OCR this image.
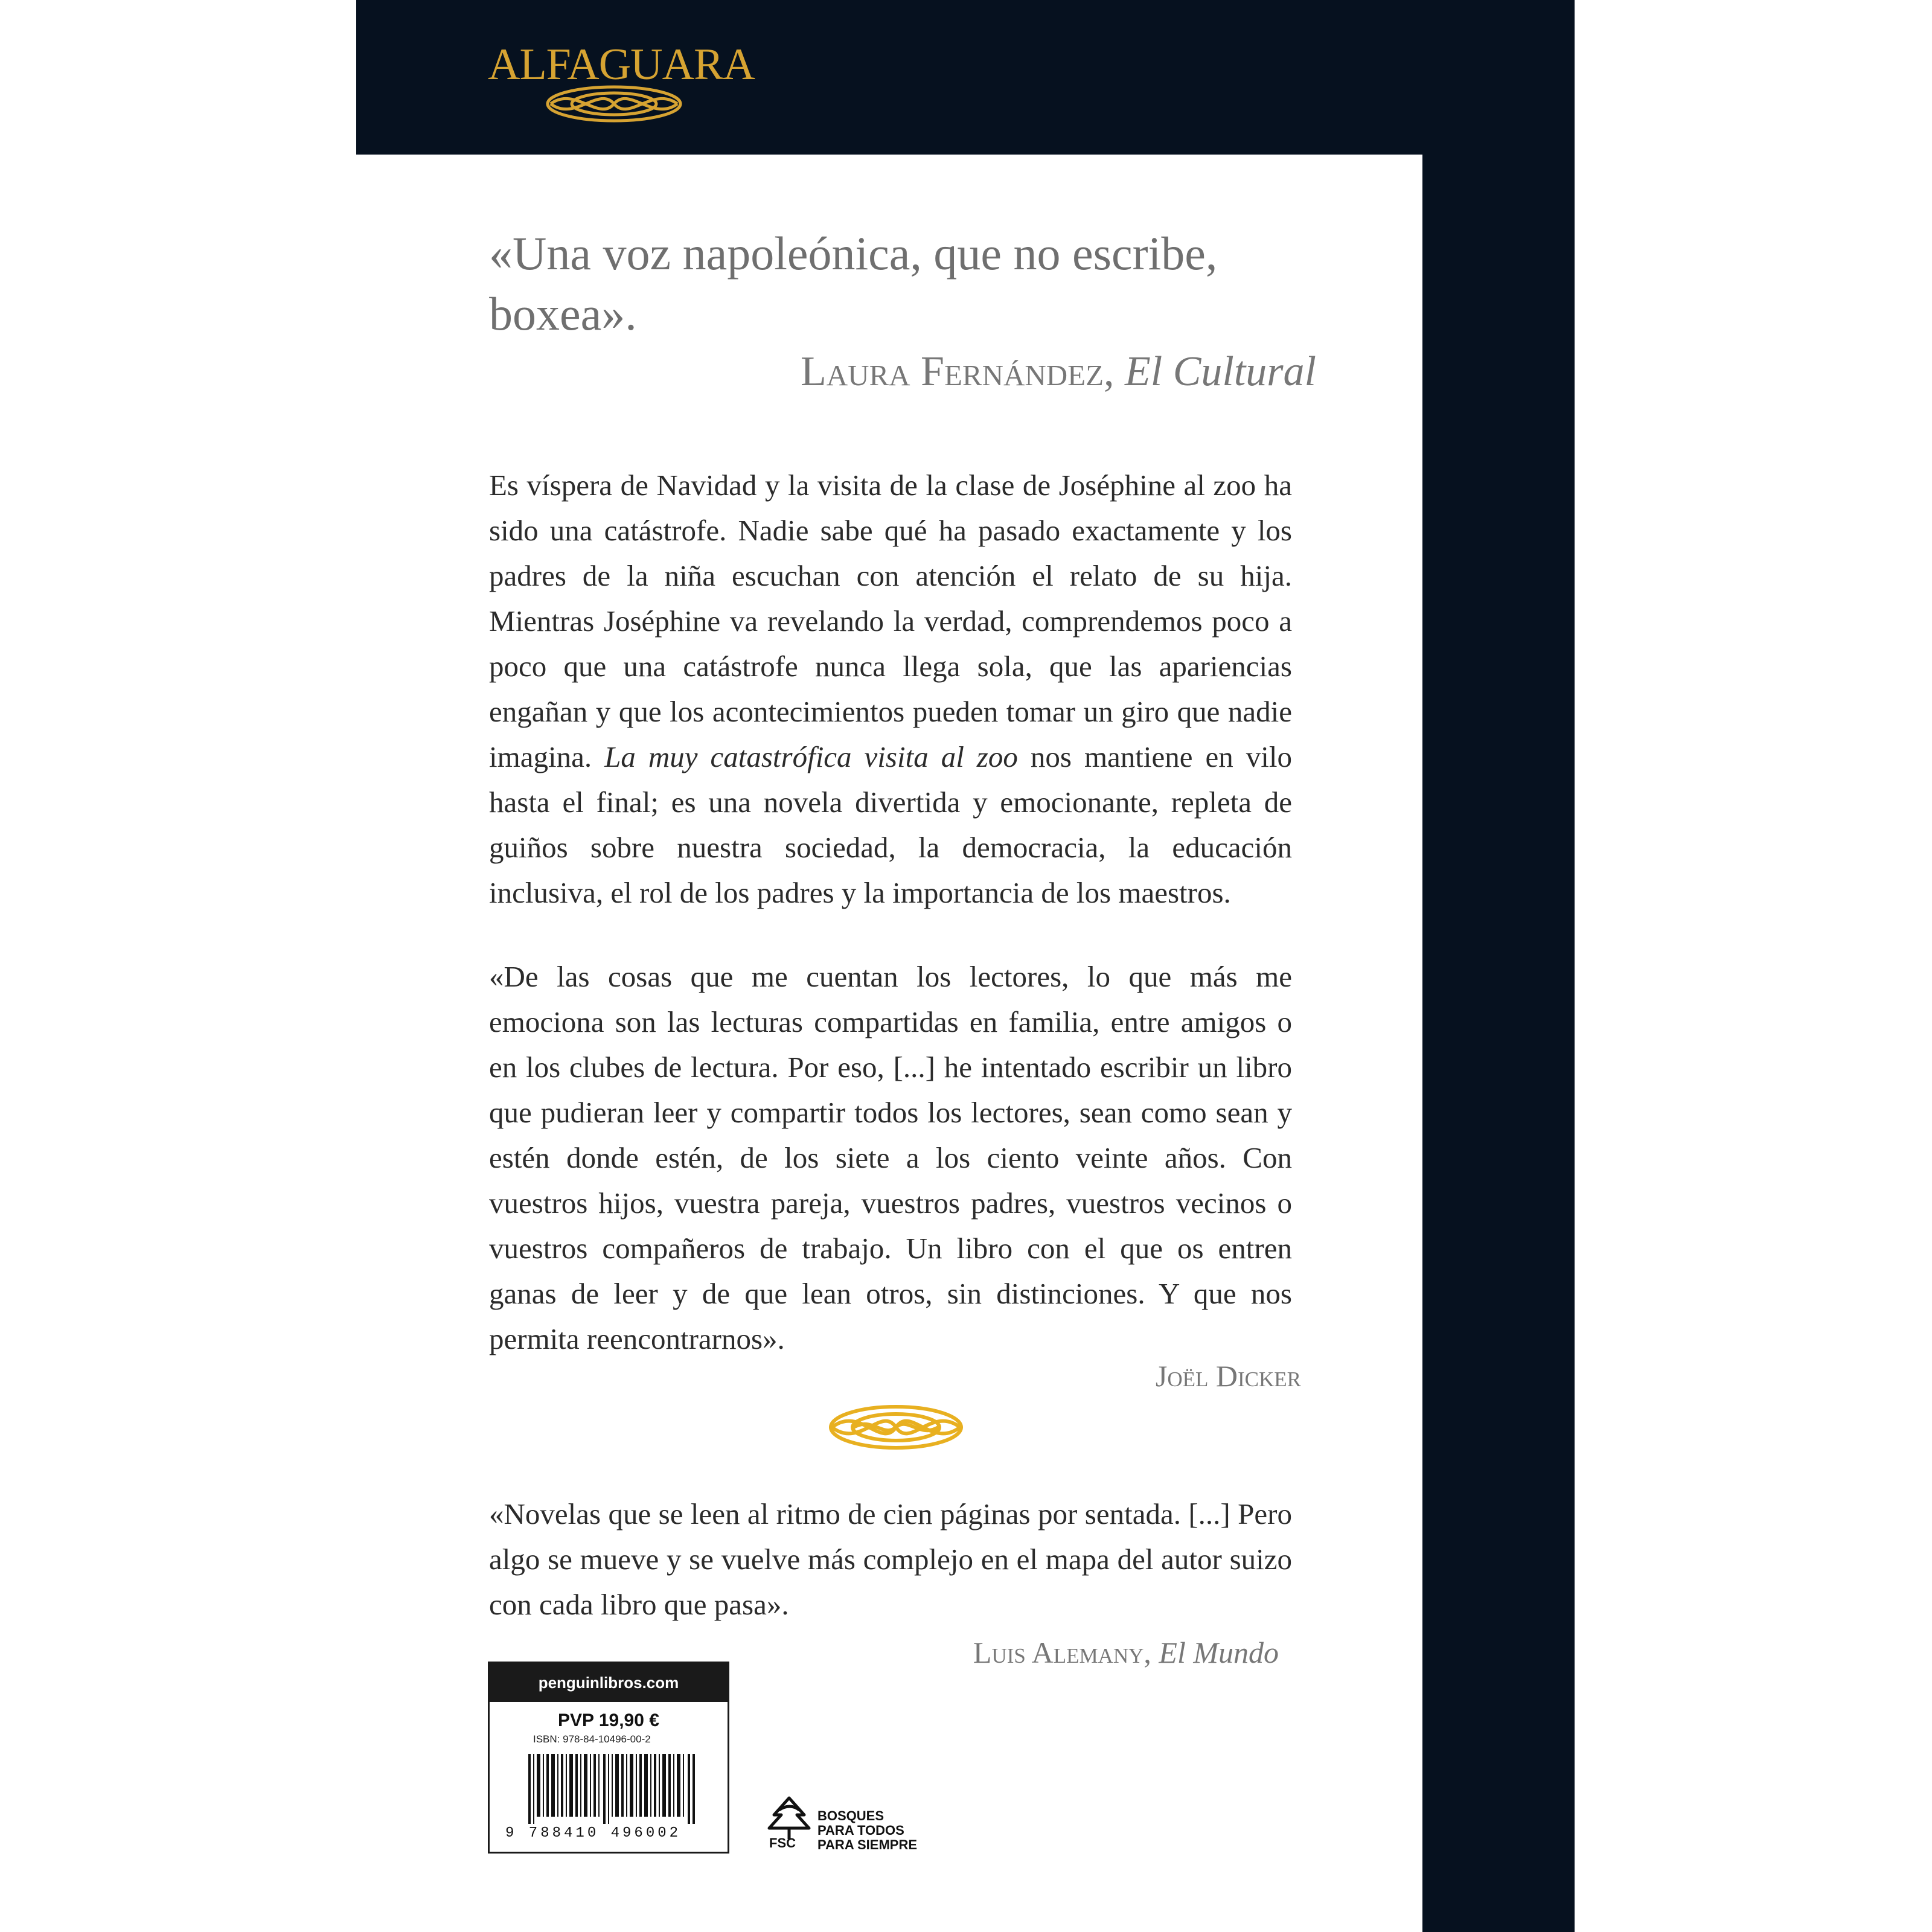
ALFAGUARA
«Una voz napoleónica, que no escribe, boxea».
Laura Fernández, El Cultural
Es víspera de Navidad y la visita de la clase de Joséphine al zoo ha sido una catástrofe. Nadie sabe qué ha pasado exactamente y los padres de la niña escuchan con atención el relato de su hija. Mientras Joséphine va revelando la verdad, comprendemos poco a poco que una catástrofe nunca llega sola, que las apariencias engañan y que los acontecimientos pueden tomar un giro que nadie imagina. La muy catastrófica visita al zoo nos mantiene en vilo hasta el final; es una novela divertida y emocionante, repleta de guiños sobre nuestra sociedad, la democracia, la educación inclusiva, el rol de los padres y la importancia de los maestros.
«De las cosas que me cuentan los lectores, lo que más me emociona son las lecturas compartidas en familia, entre amigos o en los clubes de lectura. Por eso, [...] he intentado escribir un libro que pudieran leer y compartir todos los lectores, sean como sean y estén donde estén, de los siete a los ciento veinte años. Con vuestros hijos, vuestra pareja, vuestros padres, vuestros vecinos o vuestros compañeros de trabajo. Un libro con el que os entren ganas de leer y de que lean otros, sin distinciones. Y que nos permita reencontrarnos».
Joël Dicker
«Novelas que se leen al ritmo de cien páginas por sentada. [...] Pero algo se mueve y se vuelve más complejo en el mapa del autor suizo con cada libro que pasa».
Luis Alemany, El Mundo
penguinlibros.com
PVP 19,90 €
ISBN: 978-84-10496-00-2
9 788410 496002
FSC
BOSQUES
PARA TODOS
PARA SIEMPRE
